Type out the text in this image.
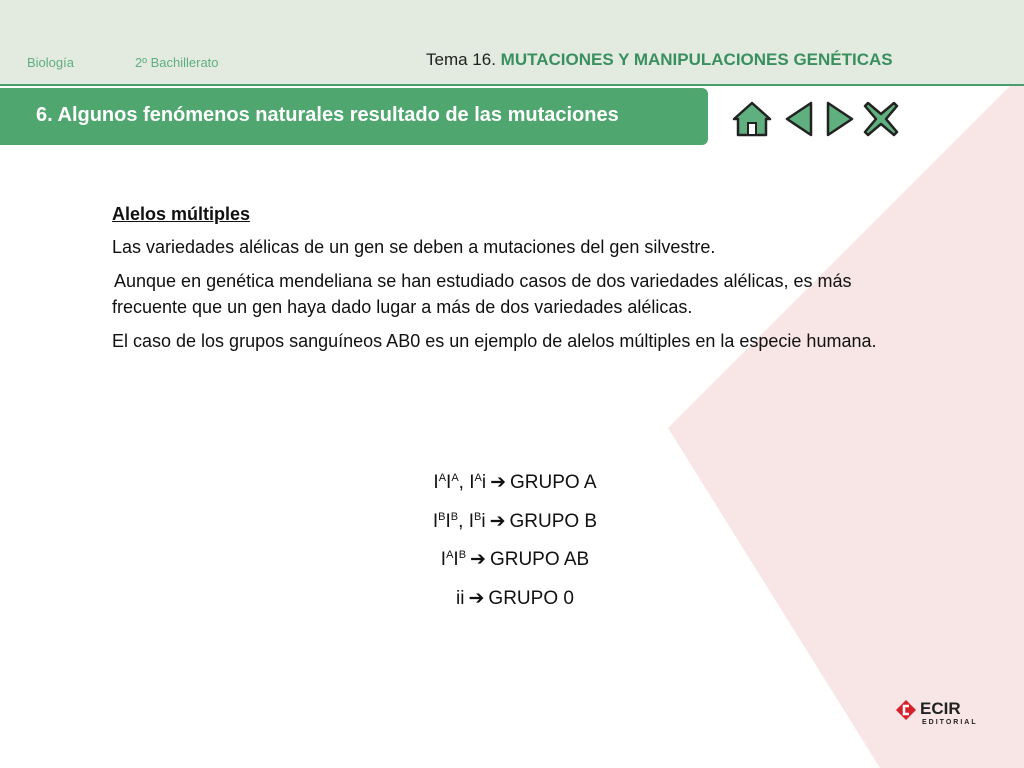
Biología	2º Bachillerato	Tema 16. MUTACIONES Y MANIPULACIONES GENÉTICAS
6. Algunos fenómenos naturales resultado de las mutaciones
Alelos múltiples

Las variedades alélicas de un gen se deben a mutaciones del gen silvestre.

Aunque en genética mendeliana se han estudiado casos de dos variedades alélicas, es más frecuente que un gen haya dado lugar a más de dos variedades alélicas.

El caso de los grupos sanguíneos AB0 es un ejemplo de alelos múltiples en la especie humana.

$I^AI^A$, $I^Ai$ ➔ GRUPO A
$I^BI^B$, $I^Bi$ ➔ GRUPO B
$I^AI^B$ ➔ GRUPO AB
ii ➔ GRUPO 0
ECIR
EDITORIAL
